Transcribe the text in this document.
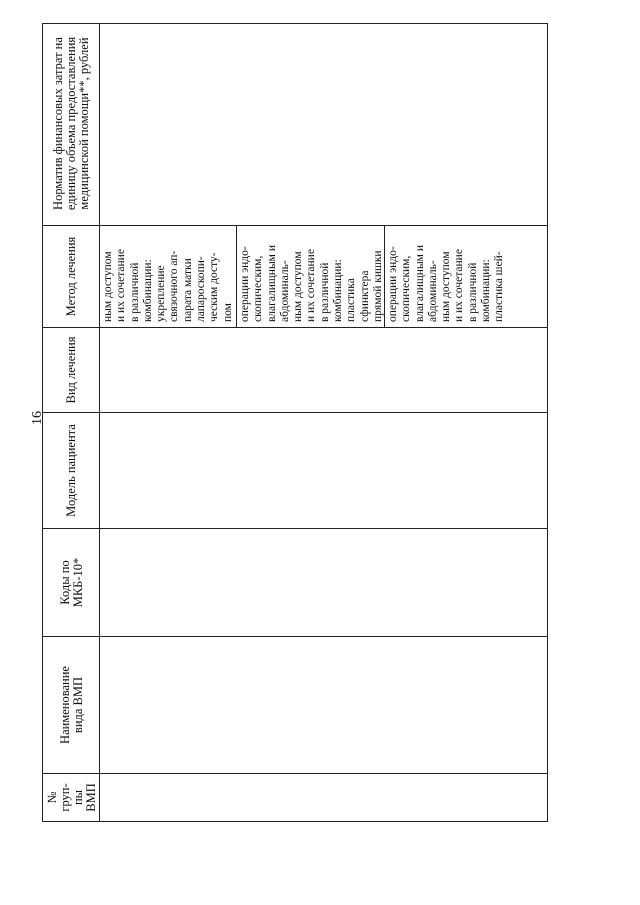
16
№ груп-
пы
ВМП
Наименование
вида ВМП
Коды по
МКБ-10*
Модель пациента
Вид лечения
Метод лечения
Норматив финансовых затрат на
единицу объема предоставления
медицинской помощи**, рублей
ным доступом и их сочетание в различной комбинации: укрепление связочного ап- парата матки лапароскопи- ческим досту- пом операции эндо- скопическим, влагалищным и абдоминаль- ным доступом и их сочетание в различной комбинации: пластика сфинктера прямой кишки операции эндо- скопическим, влагалищным и абдоминаль- ным доступом и их сочетание в различной комбинации: пластика шей-
